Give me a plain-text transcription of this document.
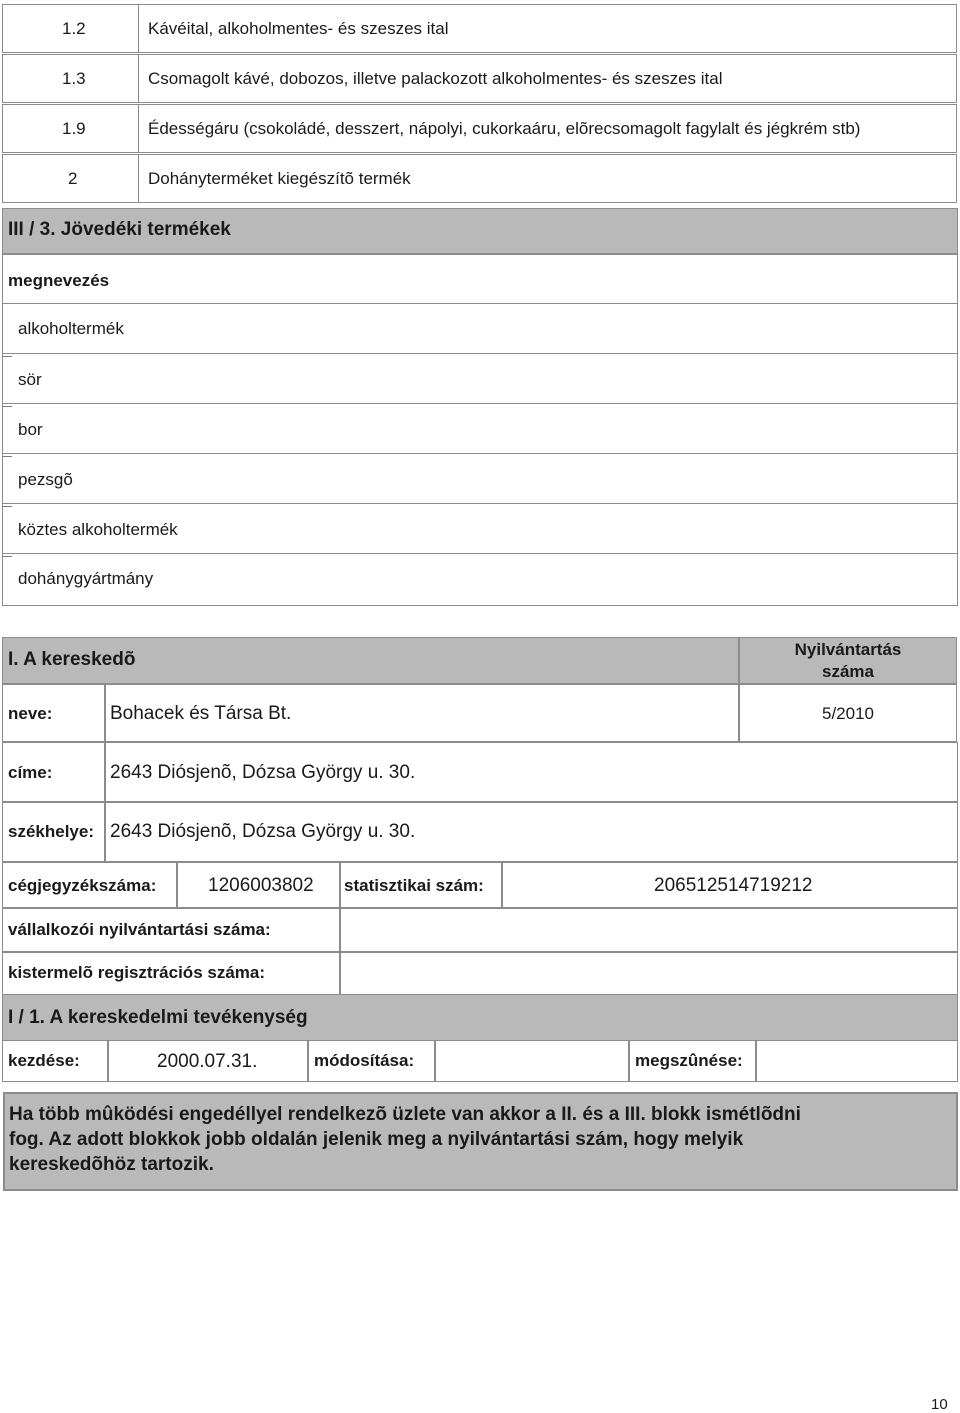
1.2	Kávéital, alkoholmentes- és szeszes ital
1.3	Csomagolt kávé, dobozos, illetve palackozott alkoholmentes- és szeszes ital
1.9	Édességáru (csokoládé, desszert, nápolyi, cukorkaáru, elõrecsomagolt fagylalt és jégkrém stb)
2	Dohányterméket kiegészítõ termék
III / 3. Jövedéki termékek
megnevezés
alkoholtermék
sör
bor
pezsgõ
köztes alkoholtermék
dohánygyártmány
I. A kereskedõ	Nyilvántartás
száma
neve:	Bohacek és Társa Bt.	5/2010
címe:	2643 Diósjenõ, Dózsa György u. 30.
székhelye: 2643 Diósjenõ, Dózsa György u. 30.
cégjegyzékszáma:	1206003802 statisztikai szám:	206512514719212
vállalkozói nyilvántartási száma:
kistermelõ regisztrációs száma:
I / 1. A kereskedelmi tevékenység
kezdése:	2000.07.31.	módosítása:	megszûnése:
Ha több mûködési engedéllyel rendelkezõ üzlete van akkor a II. és a III. blokk ismétlõdni
fog. Az adott blokkok jobb oldalán jelenik meg a nyilvántartási szám, hogy melyik
kereskedõhöz tartozik.
10
